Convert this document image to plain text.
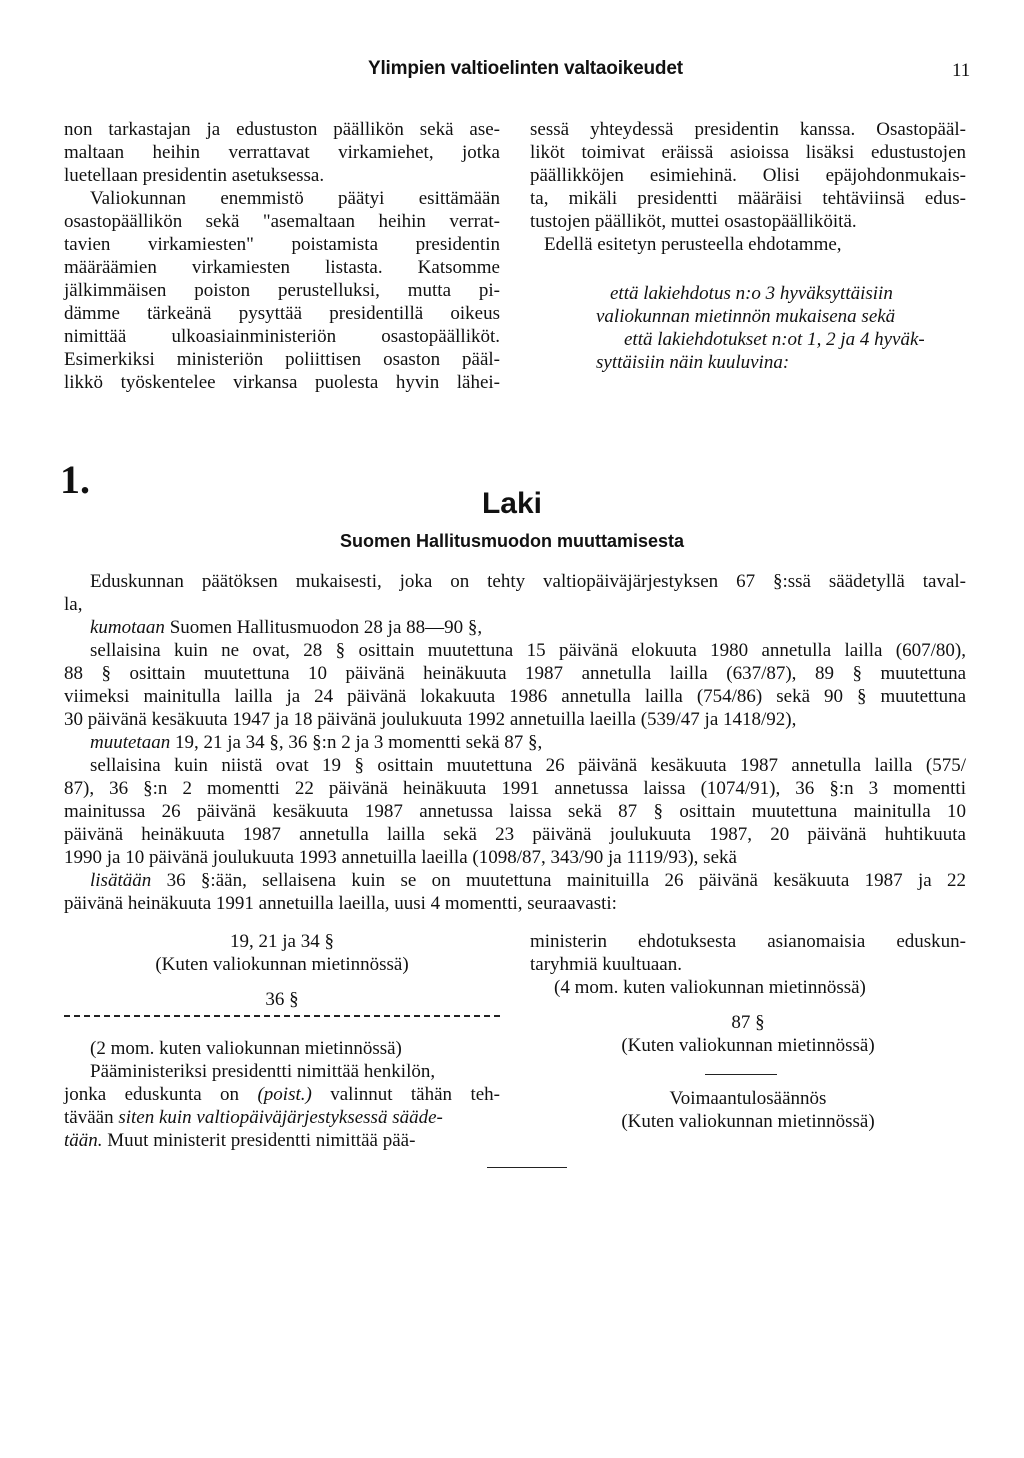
Ylimpien valtioelinten valtaoikeudet	11
non tarkastajan ja edustuston päällikön sekä ase-
maltaan heihin verrattavat virkamiehet, jotka
luetellaan presidentin asetuksessa.
Valiokunnan enemmistö päätyi esittämään
osastopäällikön sekä "asemaltaan heihin verrat-
tavien virkamiesten" poistamista presidentin
määräämien virkamiesten listasta. Katsomme
jälkimmäisen poiston perustelluksi, mutta pi-
dämme tärkeänä pysyttää presidentillä oikeus
nimittää ulkoasiainministeriön osastopäälliköt.
Esimerkiksi ministeriön poliittisen osaston pääl-
likkö työskentelee virkansa puolesta hyvin lähei-
sessä yhteydessä presidentin kanssa. Osastopääl-
liköt toimivat eräissä asioissa lisäksi edustustojen
päällikköjen esimiehinä. Olisi epäjohdonmukais-
ta, mikäli presidentti määräisi tehtäviinsä edus-
tustojen päälliköt, muttei osastopäälliköitä.
Edellä esitetyn perusteella ehdotamme,
että lakiehdotus n:o 3 hyväksyttäisiin
valiokunnan mietinnön mukaisena sekä
että lakiehdotukset n:ot 1, 2 ja 4 hyväk-
syttäisiin näin kuuluvina:
1.
Laki
Suomen Hallitusmuodon muuttamisesta
Eduskunnan päätöksen mukaisesti, joka on tehty valtiopäiväjärjestyksen 67 §:ssä säädetyllä taval-
la,
kumotaan Suomen Hallitusmuodon 28 ja 88—90 §,
sellaisina kuin ne ovat, 28 § osittain muutettuna 15 päivänä elokuuta 1980 annetulla lailla (607/80),
88 § osittain muutettuna 10 päivänä heinäkuuta 1987 annetulla lailla (637/87), 89 § muutettuna
viimeksi mainitulla lailla ja 24 päivänä lokakuuta 1986 annetulla lailla (754/86) sekä 90 § muutettuna
30 päivänä kesäkuuta 1947 ja 18 päivänä joulukuuta 1992 annetuilla laeilla (539/47 ja 1418/92),
muutetaan 19, 21 ja 34 §, 36 §:n 2 ja 3 momentti sekä 87 §,
sellaisina kuin niistä ovat 19 § osittain muutettuna 26 päivänä kesäkuuta 1987 annetulla lailla (575/
87), 36 §:n 2 momentti 22 päivänä heinäkuuta 1991 annetussa laissa (1074/91), 36 §:n 3 momentti
mainitussa 26 päivänä kesäkuuta 1987 annetussa laissa sekä 87 § osittain muutettuna mainitulla 10
päivänä heinäkuuta 1987 annetulla lailla sekä 23 päivänä joulukuuta 1987, 20 päivänä huhtikuuta
1990 ja 10 päivänä joulukuuta 1993 annetuilla laeilla (1098/87, 343/90 ja 1119/93), sekä
lisätään 36 §:ään, sellaisena kuin se on muutettuna mainituilla 26 päivänä kesäkuuta 1987 ja 22
päivänä heinäkuuta 1991 annetuilla laeilla, uusi 4 momentti, seuraavasti:
19, 21 ja 34 §
(Kuten valiokunnan mietinnössä)
36 §
(2 mom. kuten valiokunnan mietinnössä)
Pääministeriksi presidentti nimittää henkilön,
jonka eduskunta on (poist.) valinnut tähän teh-
tävään siten kuin valtiopäiväjärjestyksessä sääde-
tään. Muut ministerit presidentti nimittää pää-
ministerin ehdotuksesta asianomaisia edus​kun-
taryhmiä kuultuaan.
(4 mom. kuten valiokunnan mietinnössä)
87 §
(Kuten valiokunnan mietinnössä)
Voimaantulosäännös
(Kuten valiokunnan mietinnössä)
